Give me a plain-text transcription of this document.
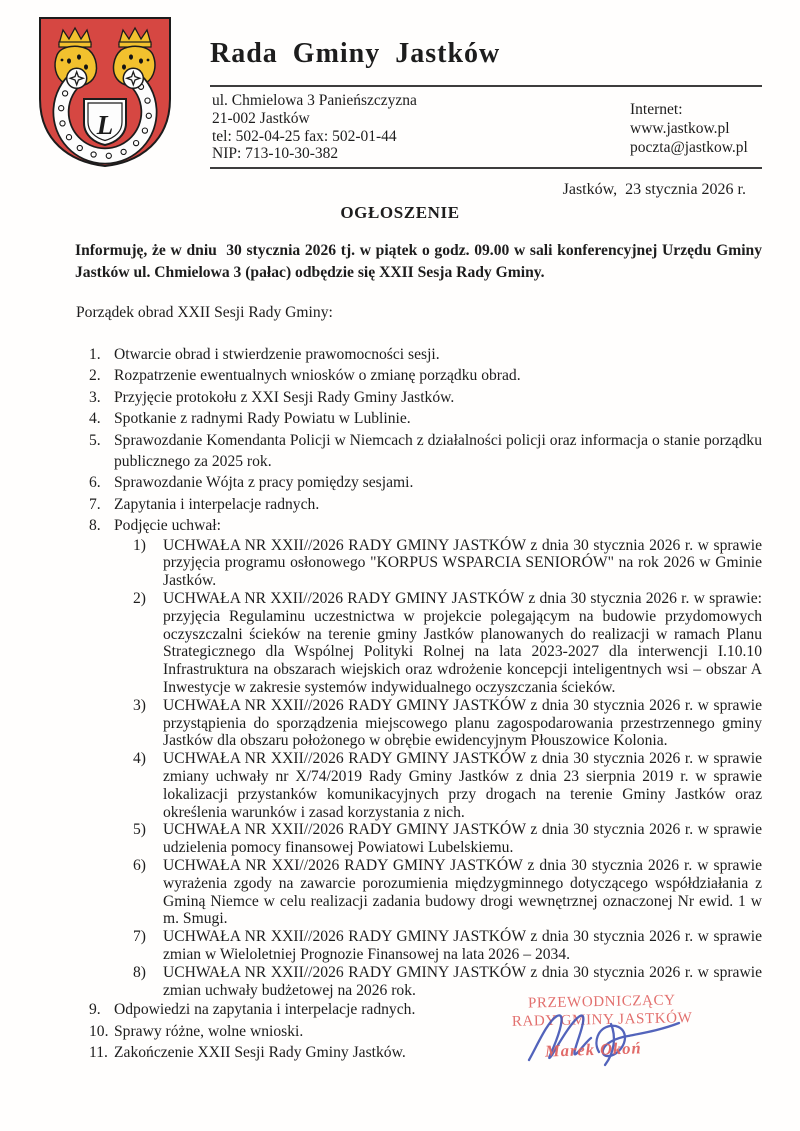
L
Rada Gminy Jastków
ul. Chmielowa 3 Panieńszczyzna
21-002 Jastków
tel: 502-04-25 fax: 502-01-44
NIP: 713-10-30-382
Internet:
www.jastkow.pl
poczta@jastkow.pl
Jastków,  23 stycznia 2026 r.
OGŁOSZENIE

Informuję, że w dniu  30 stycznia 2026 tj. w piątek o godz. 09.00 w sali konferencyjnej Urzędu Gminy Jastków ul. Chmielowa 3 (pałac) odbędzie się XXII Sesja Rady Gminy.

Porządek obrad XXII Sesji Rady Gminy:
1. Otwarcie obrad i stwierdzenie prawomocności sesji.
2. Rozpatrzenie ewentualnych wniosków o zmianę porządku obrad.
3. Przyjęcie protokołu z XXI Sesji Rady Gminy Jastków.
4. Spotkanie z radnymi Rady Powiatu w Lublinie.
5. Sprawozdanie Komendanta Policji w Niemcach z działalności policji oraz informacja o stanie porządku publicznego za 2025 rok.
6. Sprawozdanie Wójta z pracy pomiędzy sesjami.
7. Zapytania i interpelacje radnych.
8. Podjęcie uchwał:
1)	UCHWAŁA NR XXII//2026 RADY GMINY JASTKÓW z dnia 30 stycznia 2026 r. w sprawie przyjęcia programu osłonowego "KORPUS WSPARCIA SENIORÓW" na rok 2026 w Gminie Jastków.
2)	UCHWAŁA NR XXII//2026 RADY GMINY JASTKÓW z dnia 30 stycznia 2026 r. w sprawie: przyjęcia Regulaminu uczestnictwa w projekcie polegającym na budowie przydomowych oczyszczalni ścieków na terenie gminy Jastków planowanych do realizacji w ramach Planu Strategicznego dla Wspólnej Polityki Rolnej na lata 2023-2027 dla interwencji I.10.10 Infrastruktura na obszarach wiejskich oraz wdrożenie koncepcji inteligentnych wsi – obszar A Inwestycje w zakresie systemów indywidualnego oczyszczania ścieków.
3)	UCHWAŁA NR XXII//2026 RADY GMINY JASTKÓW z dnia 30 stycznia 2026 r. w sprawie przystąpienia do sporządzenia miejscowego planu zagospodarowania przestrzennego gminy Jastków dla obszaru położonego w obrębie ewidencyjnym Płouszowice Kolonia.
4)	UCHWAŁA NR XXII//2026 RADY GMINY JASTKÓW z dnia 30 stycznia 2026 r. w sprawie zmiany uchwały nr X/74/2019 Rady Gminy Jastków z dnia 23 sierpnia 2019 r. w sprawie lokalizacji przystanków komunikacyjnych przy drogach na terenie Gminy Jastków oraz określenia warunków i zasad korzystania z nich.
5)	UCHWAŁA NR XXII//2026 RADY GMINY JASTKÓW z dnia 30 stycznia 2026 r. w sprawie udzielenia pomocy finansowej Powiatowi Lubelskiemu.
6)	UCHWAŁA NR XXI//2026 RADY GMINY JASTKÓW z dnia 30 stycznia 2026 r. w sprawie wyrażenia zgody na zawarcie porozumienia międzygminnego dotyczącego współdziałania z Gminą Niemce w celu realizacji zadania budowy drogi wewnętrznej oznaczonej Nr ewid. 1 w m. Smugi.
7)	UCHWAŁA NR XXII//2026 RADY GMINY JASTKÓW z dnia 30 stycznia 2026 r. w sprawie zmian w Wieloletniej Prognozie Finansowej na lata 2026 – 2034.
8)	UCHWAŁA NR XXII//2026 RADY GMINY JASTKÓW z dnia 30 stycznia 2026 r. w sprawie zmian uchwały budżetowej na 2026 rok.
9. Odpowiedzi na zapytania i interpelacje radnych.
10. Sprawy różne, wolne wnioski.
11. Zakończenie XXII Sesji Rady Gminy Jastków.
PRZEWODNICZĄCY
RADY GMINY JASTKÓW
Marek Okoń
